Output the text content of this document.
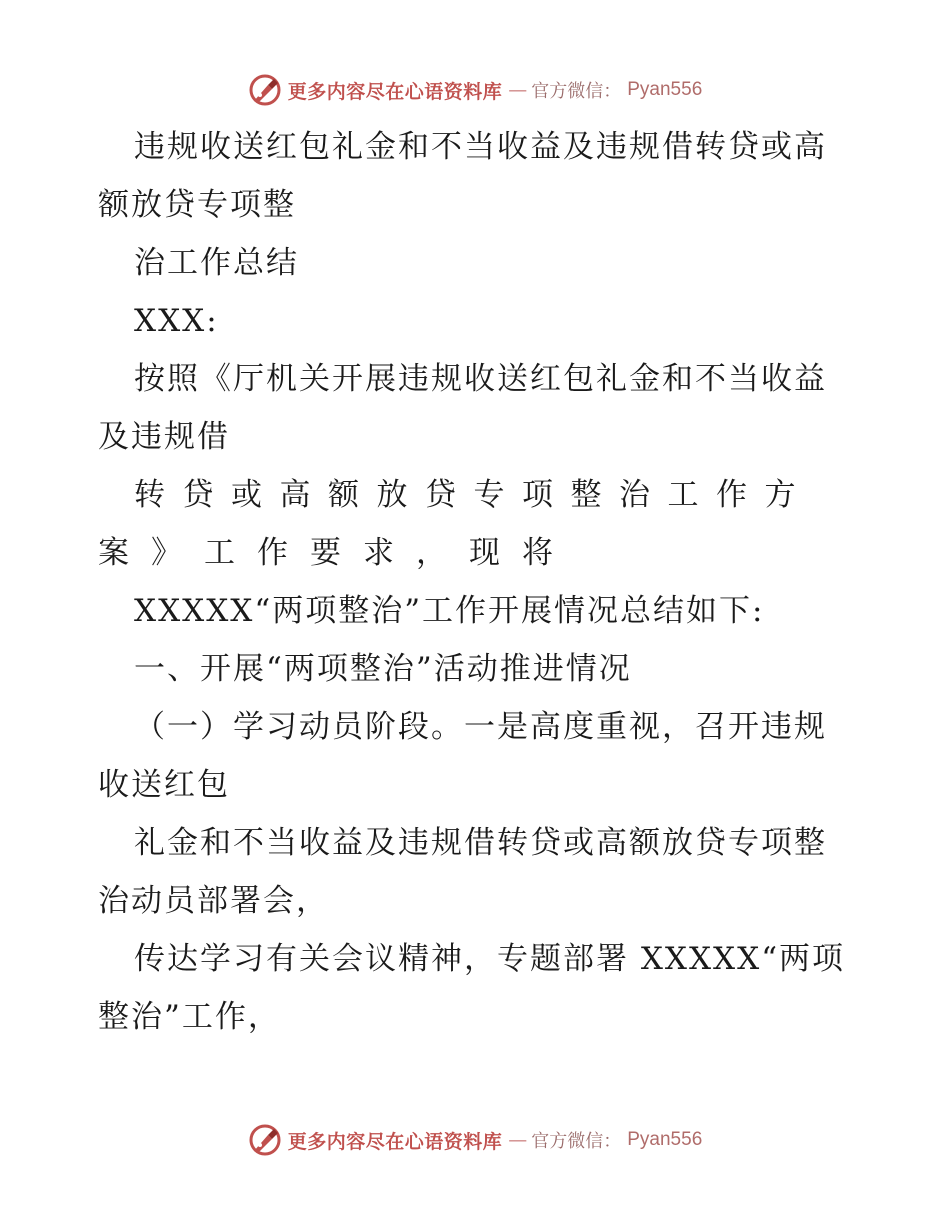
更多内容尽在心语资料库 — 官方微信： Pyan556
违规收送红包礼金和不当收益及违规借转贷或高
额放贷专项整
治工作总结
XXX:
按照《厅机关开展违规收送红包礼金和不当收益
及违规借
转贷或高额放贷专项整治工作方
案》工作要求，现将
XXXXX“两项整治”工作开展情况总结如下:
一、开展“两项整治”活动推进情况
（一）学习动员阶段。一是高度重视，召开违规
收送红包
礼金和不当收益及违规借转贷或高额放贷专项整
治动员部署会，
传达学习有关会议精神，专题部署 XXXXX“两项
整治”工作，
更多内容尽在心语资料库 — 官方微信： Pyan556
